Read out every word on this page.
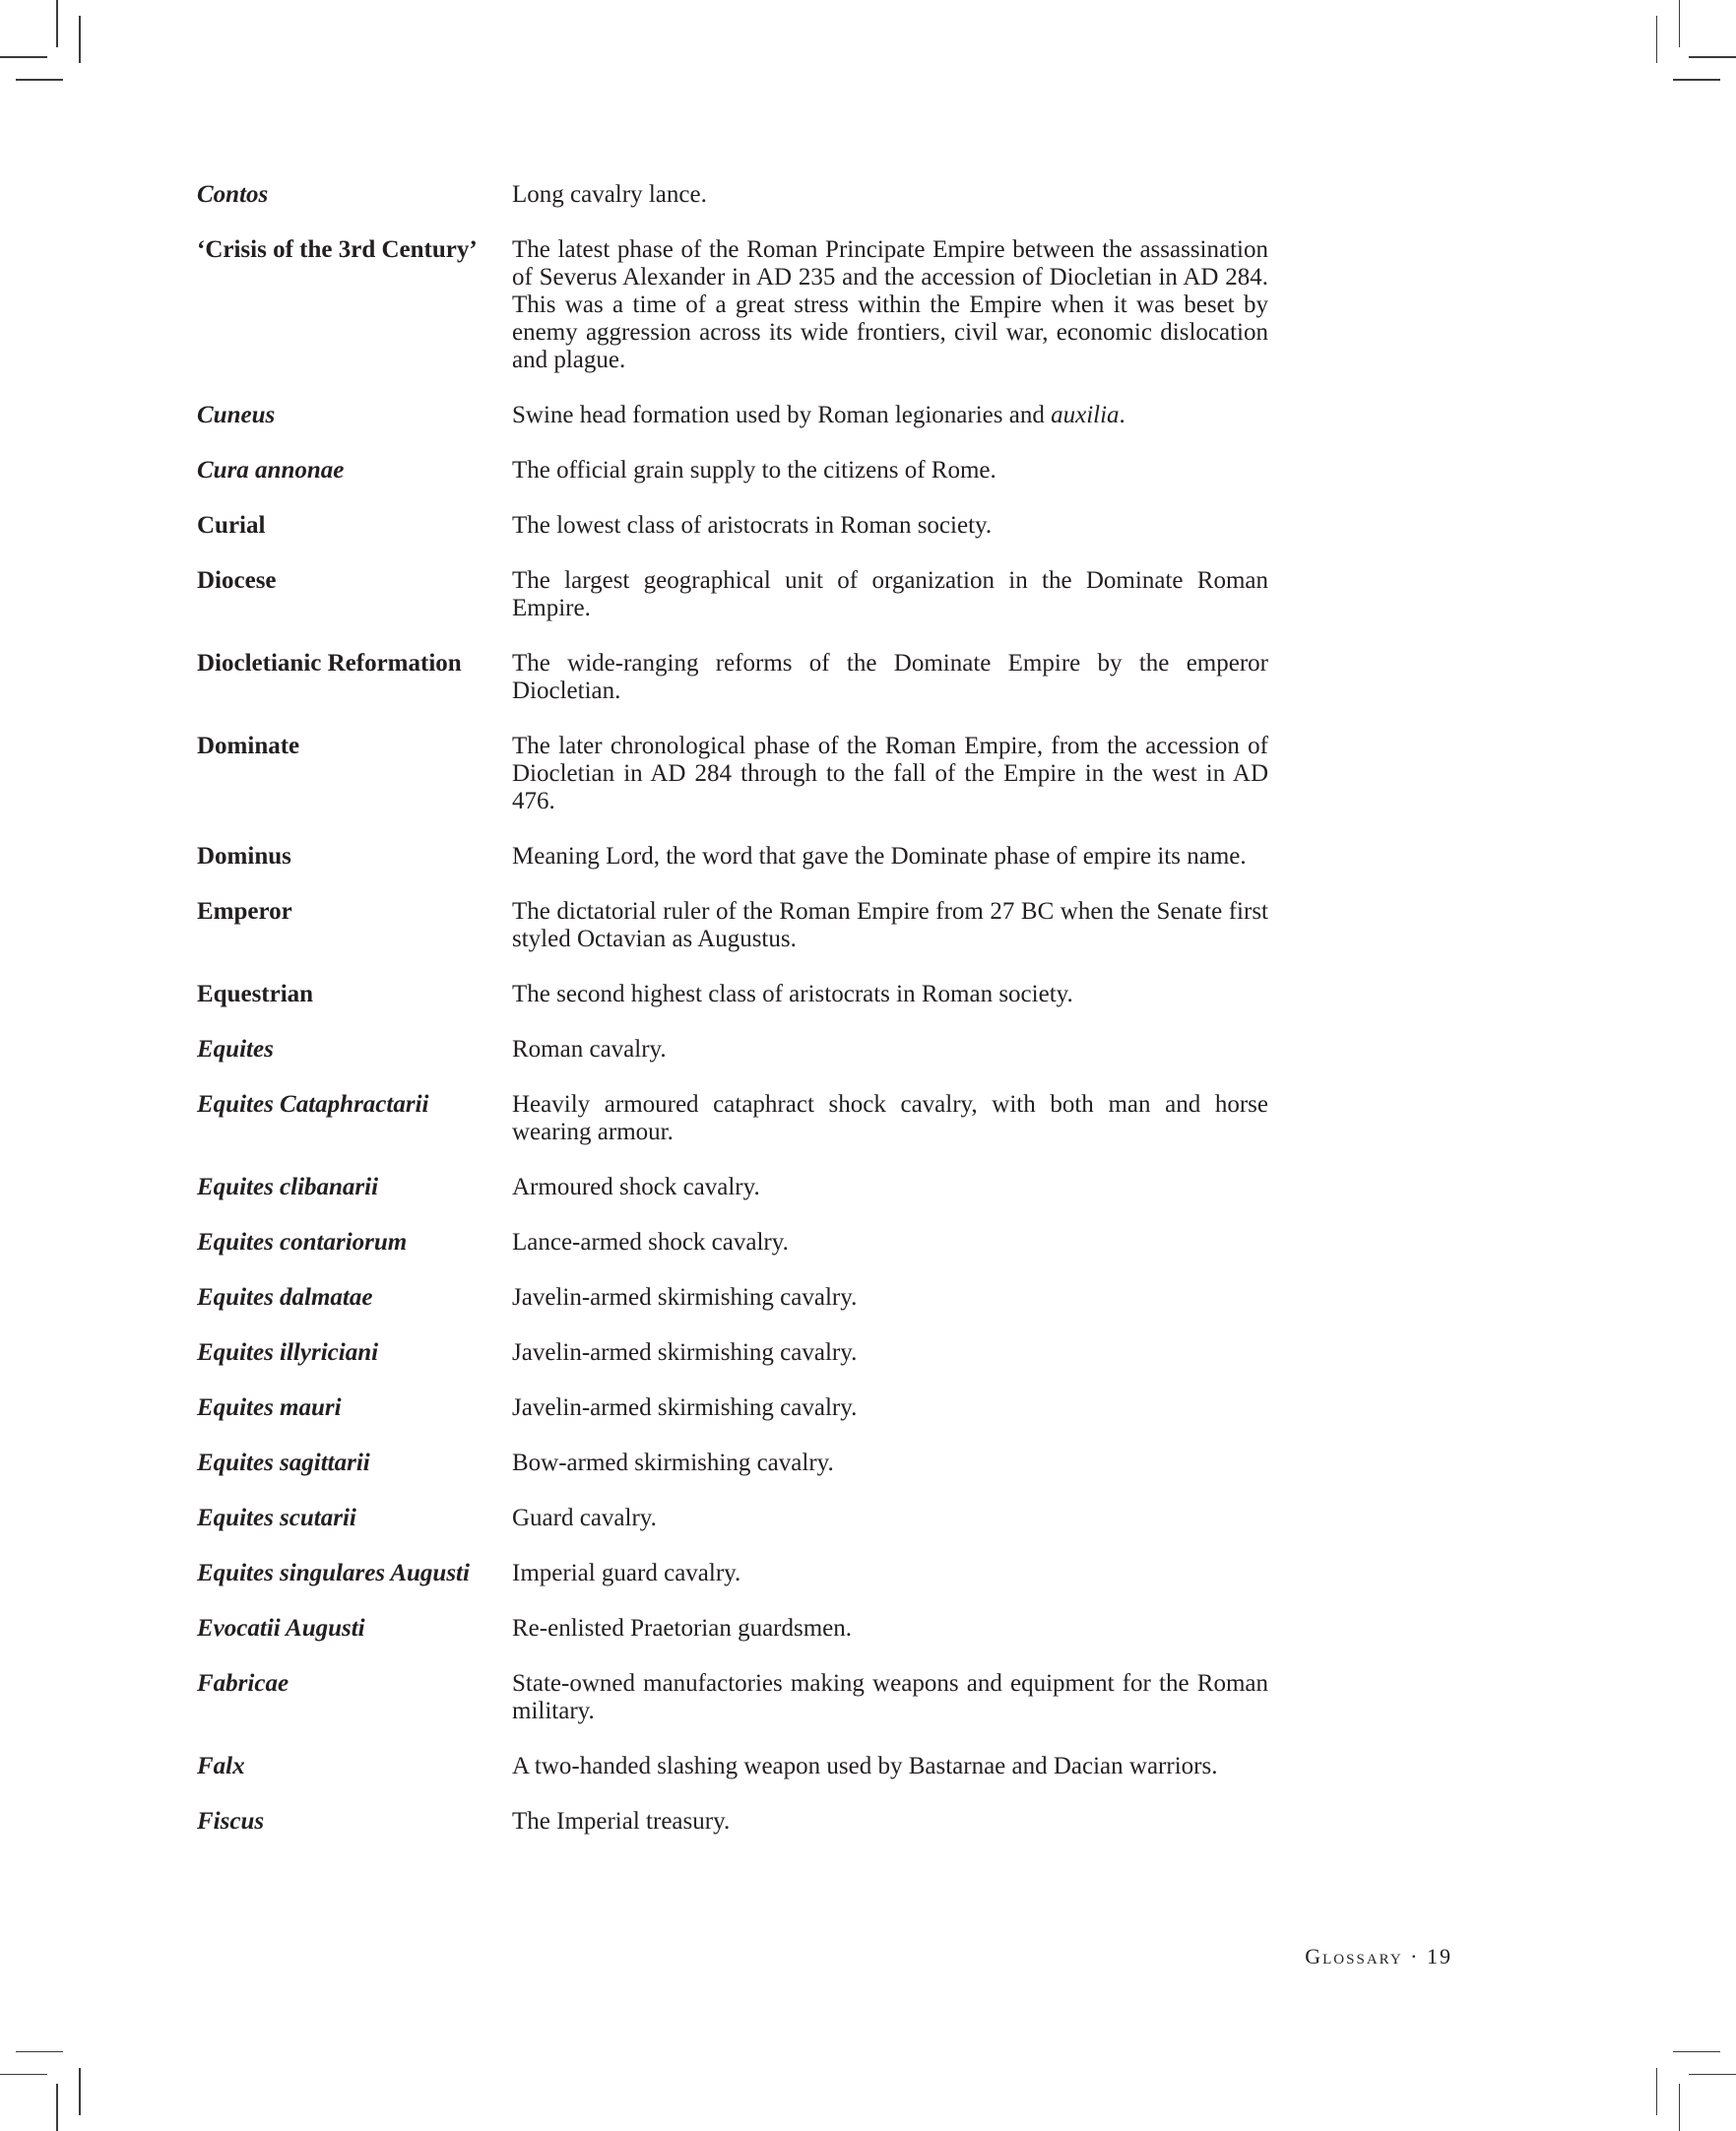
Contos	Long cavalry lance.
‘Crisis of the 3rd Century’	The latest phase of the Roman Principate Empire between the assassination of Severus Alexander in AD 235 and the accession of Diocletian in AD 284. This was a time of a great stress within the Empire when it was beset by enemy aggression across its wide frontiers, civil war, economic dislocation and plague.
Cuneus	Swine head formation used by Roman legionaries and auxilia.
Cura annonae	The official grain supply to the citizens of Rome.
Curial	The lowest class of aristocrats in Roman society.
Diocese	The largest geographical unit of organization in the Dominate Roman Empire.
Diocletianic Reformation	The wide-ranging reforms of the Dominate Empire by the emperor Diocletian.
Dominate	The later chronological phase of the Roman Empire, from the accession of Diocletian in AD 284 through to the fall of the Empire in the west in AD 476.
Dominus	Meaning Lord, the word that gave the Dominate phase of empire its name.
Emperor	The dictatorial ruler of the Roman Empire from 27 BC when the Senate first styled Octavian as Augustus.
Equestrian	The second highest class of aristocrats in Roman society.
Equites	Roman cavalry.
Equites Cataphractarii	Heavily armoured cataphract shock cavalry, with both man and horse wearing armour.
Equites clibanarii	Armoured shock cavalry.
Equites contariorum	Lance-armed shock cavalry.
Equites dalmatae	Javelin-armed skirmishing cavalry.
Equites illyriciani	Javelin-armed skirmishing cavalry.
Equites mauri	Javelin-armed skirmishing cavalry.
Equites sagittarii	Bow-armed skirmishing cavalry.
Equites scutarii	Guard cavalry.
Equites singulares Augusti	Imperial guard cavalry.
Evocatii Augusti	Re-enlisted Praetorian guardsmen.
Fabricae	State-owned manufactories making weapons and equipment for the Roman military.
Falx	A two-handed slashing weapon used by Bastarnae and Dacian warriors.
Fiscus	The Imperial treasury.
Glossary · 19
